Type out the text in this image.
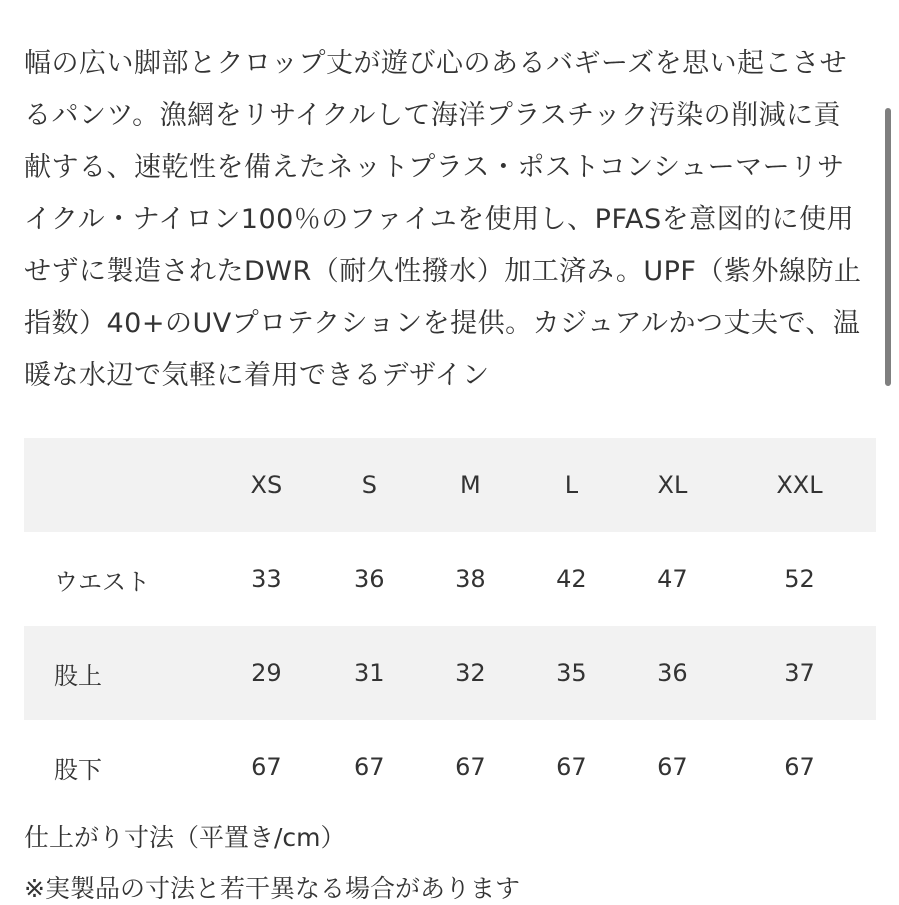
幅の広い脚部とクロップ丈が遊び心のあるバギーズを思い起こさせ
るパンツ。漁網をリサイクルして海洋プラスチック汚染の削減に貢
献する、速乾性を備えたネットプラス・ポストコンシューマーリサ
イクル・ナイロン100％のファイユを使用し、PFASを意図的に使用
せずに製造されたDWR（耐久性撥水）加工済み。UPF（紫外線防止
指数）40+のUVプロテクションを提供。カジュアルかつ丈夫で、温
暖な水辺で気軽に着用できるデザイン
	XS	S	M	L	XL	XXL
ウエスト	33	36	38	42	47	52
股上	29	31	32	35	36	37
股下	67	67	67	67	67	67
仕上がり寸法（平置き/cm）
※実製品の寸法と若干異なる場合があります
